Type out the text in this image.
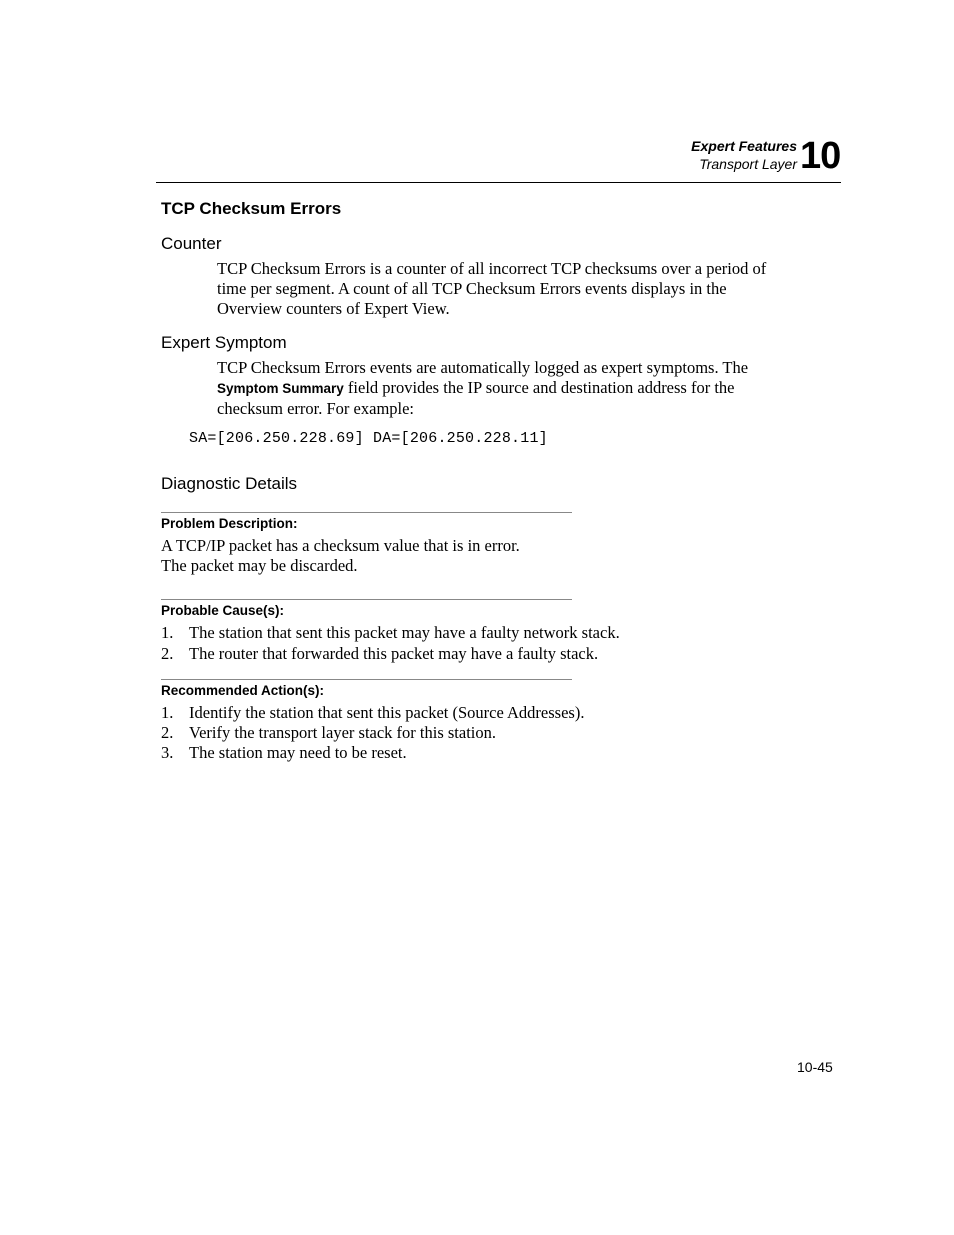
Expert Features
Transport Layer 10
TCP Checksum Errors
Counter
TCP Checksum Errors is a counter of all incorrect TCP checksums over a period of
time per segment. A count of all TCP Checksum Errors events displays in the
Overview counters of Expert View.
Expert Symptom
TCP Checksum Errors events are automatically logged as expert symptoms. The
Symptom Summary field provides the IP source and destination address for the
checksum error. For example:
SA=[206.250.228.69] DA=[206.250.228.11]
Diagnostic Details
Problem Description:
A TCP/IP packet has a checksum value that is in error.
The packet may be discarded.
Probable Cause(s):
1. The station that sent this packet may have a faulty network stack.
2. The router that forwarded this packet may have a faulty stack.
Recommended Action(s):
1. Identify the station that sent this packet (Source Addresses).
2. Verify the transport layer stack for this station.
3. The station may need to be reset.
10-45
